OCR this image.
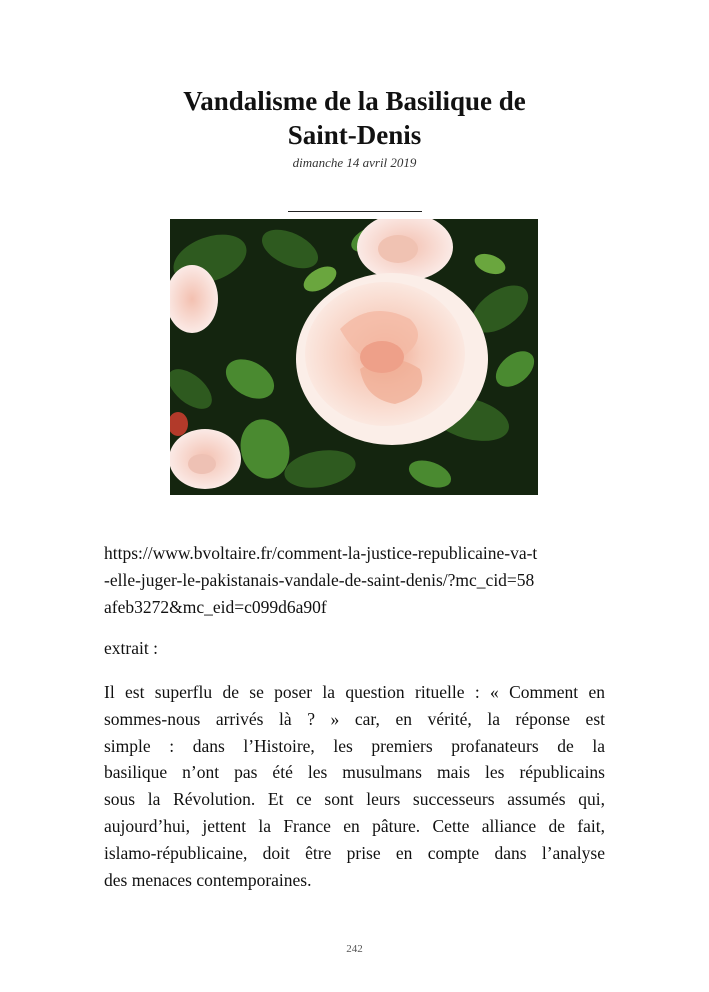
Vandalisme de la Basilique de
Saint-Denis
dimanche 14 avril 2019
https://www.bvoltaire.fr/comment-la-justice-republicaine-va-t
-elle-juger-le-pakistanais-vandale-de-saint-denis/?mc_cid=58
afeb3272&mc_eid=c099d6a90f
extrait :
Il est superflu de se poser la question rituelle : « Comment en
sommes-nous arrivés là ? » car, en vérité, la réponse est
simple : dans l’Histoire, les premiers profanateurs de la
basilique n’ont pas été les musulmans mais les républicains
sous la Révolution. Et ce sont leurs successeurs assumés qui,
aujourd’hui, jettent la France en pâture. Cette alliance de fait,
islamo-républicaine, doit être prise en compte dans l’analyse
des menaces contemporaines.
242
